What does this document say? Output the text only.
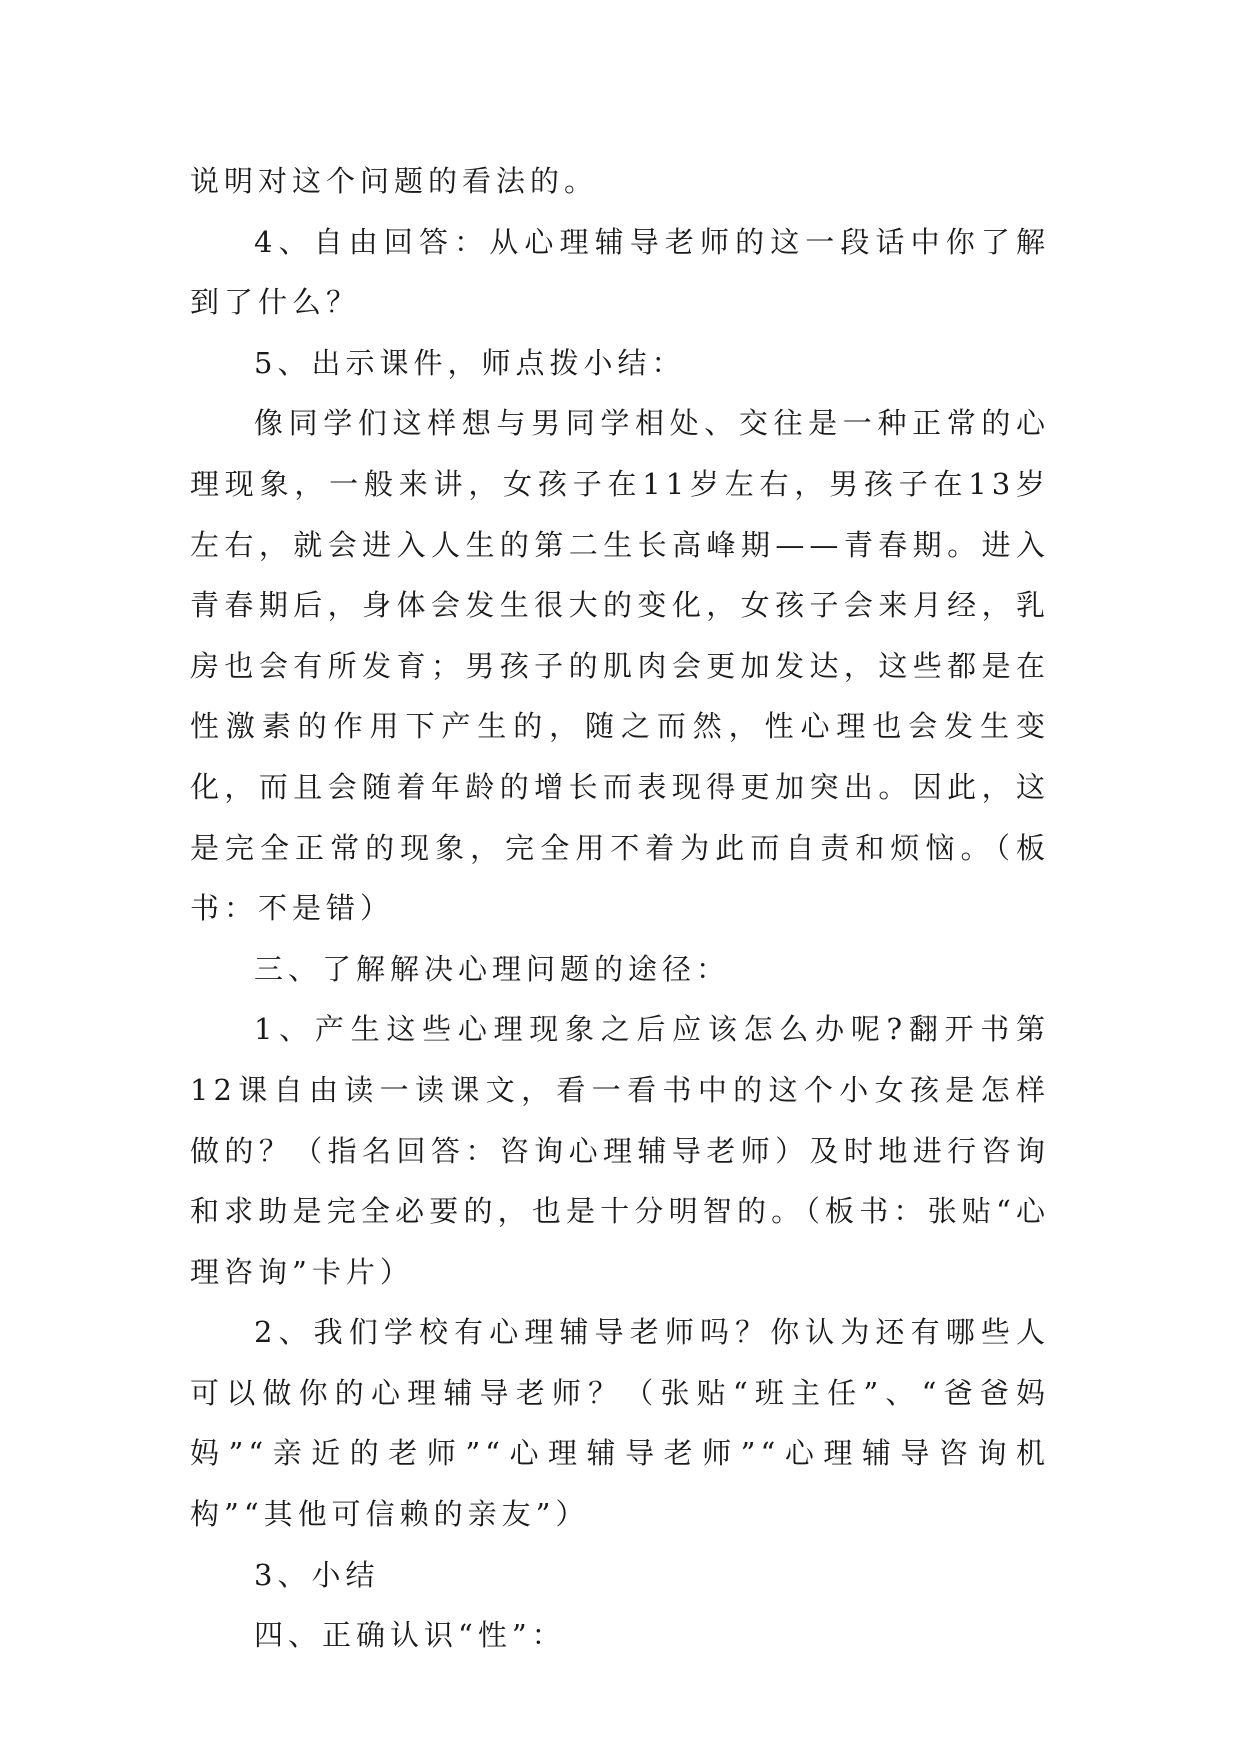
说明对这个问题的看法的。

4、自由回答：从心理辅导老师的这一段话中你了解到了什么？

5、出示课件，师点拨小结：

像同学们这样想与男同学相处、交往是一种正常的心理现象，一般来讲，女孩子在11岁左右，男孩子在13岁左右，就会进入人生的第二生长高峰期——青春期。进入青春期后，身体会发生很大的变化，女孩子会来月经，乳房也会有所发育；男孩子的肌肉会更加发达，这些都是在性激素的作用下产生的，随之而然，性心理也会发生变化，而且会随着年龄的增长而表现得更加突出。因此，这是完全正常的现象，完全用不着为此而自责和烦恼。（板书：不是错）

三、了解解决心理问题的途径：

1、产生这些心理现象之后应该怎么办呢?翻开书第12课自由读一读课文，看一看书中的这个小女孩是怎样做的？（指名回答：咨询心理辅导老师）及时地进行咨询和求助是完全必要的，也是十分明智的。（板书：张贴“心理咨询”卡片）

2、我们学校有心理辅导老师吗？你认为还有哪些人可以做你的心理辅导老师？（张贴“班主任”、“爸爸妈妈”“亲近的老师”“心理辅导老师”“心理辅导咨询机构”“其他可信赖的亲友”）

3、小结

四、正确认识“性”：
